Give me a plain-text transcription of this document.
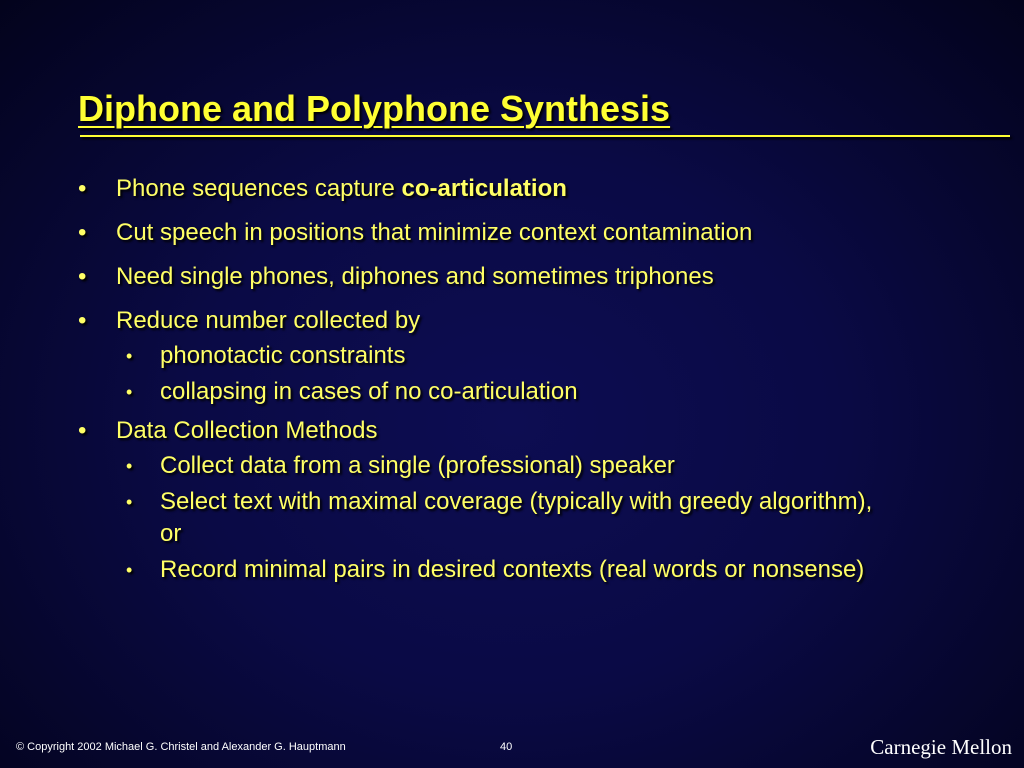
Diphone and Polyphone Synthesis
• Phone sequences capture co-articulation
• Cut speech in positions that minimize context contamination
• Need single phones, diphones and sometimes triphones
• Reduce number collected by
• phonotactic constraints
• collapsing in cases of no co-articulation
• Data Collection Methods
• Collect data from a single (professional) speaker
• Select text with maximal coverage (typically with greedy algorithm), or
• Record minimal pairs in desired contexts (real words or nonsense)
© Copyright 2002 Michael G. Christel and Alexander G. Hauptmann	40	Carnegie Mellon
